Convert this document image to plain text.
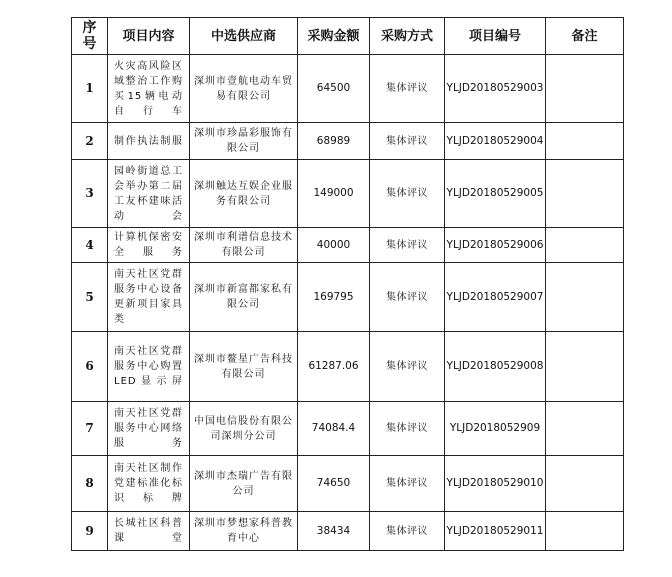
序号	项目内容	中选供应商	采购金额	采购方式	项目编号	备注
1	火灾高风险区域整治工作购买15辆电动自行车	深圳市壹航电动车贸易有限公司	64500	集体评议	YLJD20180529003	
2	制作执法制服	深圳市珍晶彩服饰有限公司	68989	集体评议	YLJD20180529004	
3	园岭街道总工会举办第二届工友杯建味活动会	深圳触达互娱企业服务有限公司	149000	集体评议	YLJD20180529005	
4	计算机保密安全服务	深圳市利谱信息技术有限公司	40000	集体评议	YLJD20180529006	
5	南天社区党群服务中心设备更新项目家具类	深圳市新富都家私有限公司	169795	集体评议	YLJD20180529007	
6	南天社区党群服务中心购置LED显示屏	深圳市鳌星广告科技有限公司	61287.06	集体评议	YLJD20180529008	
7	南天社区党群服务中心网络服务	中国电信股份有限公司深圳分公司	74084.4	集体评议	YLJD2018052909	
8	南天社区制作党建标准化标识标牌	深圳市杰瑞广告有限公司	74650	集体评议	YLJD20180529010	
9	长城社区科普课堂	深圳市梦想家科普教育中心	38434	集体评议	YLJD20180529011	
